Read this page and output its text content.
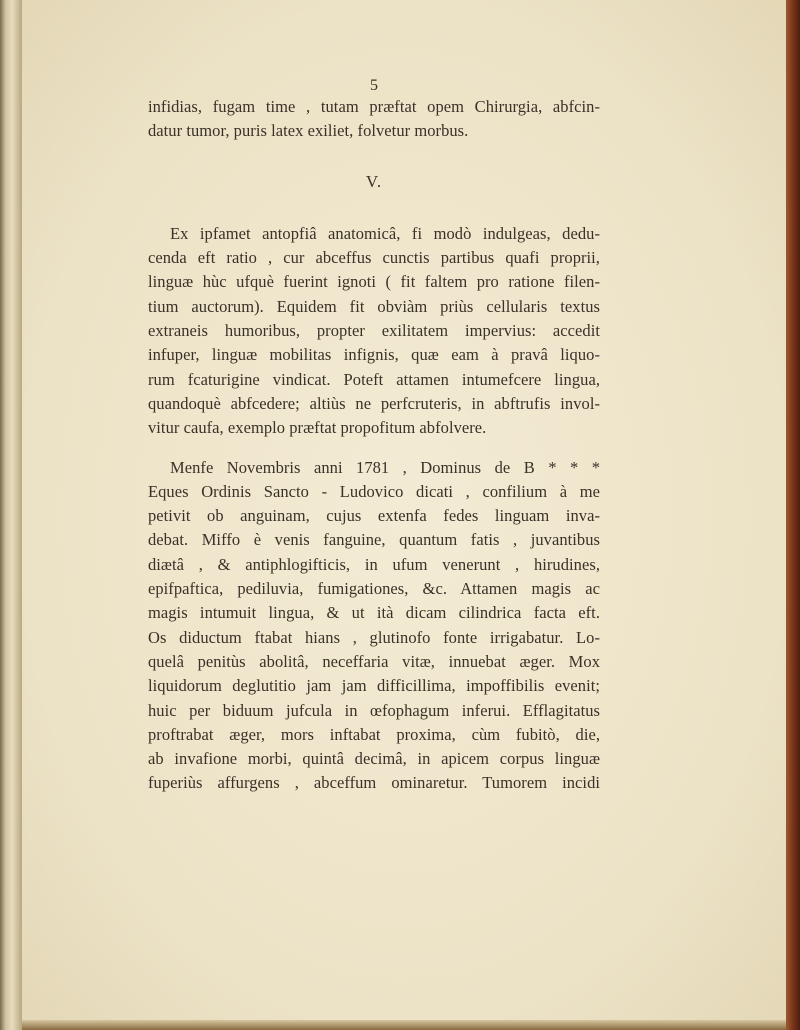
5
infidias, fugam time , tutam præftat opem Chirurgia, abfcin-
datur tumor, puris latex exiliet, folvetur morbus.
V.
Ex ipfamet antopfiâ anatomicâ, fi modò indulgeas, dedu-
cenda eft ratio , cur abceffus cunctis partibus quafi proprii,
linguæ hùc ufquè fuerint ignoti ( fit faltem pro ratione filen-
tium auctorum). Equidem fit obviàm priùs cellularis textus
extraneis humoribus, propter exilitatem impervius: accedit
infuper, linguæ mobilitas infignis, quæ eam à pravâ liquo-
rum fcaturigine vindicat. Poteft attamen intumefcere lingua,
quandoquè abfcedere; altiùs ne perfcruteris, in abftrufis invol-
vitur caufa, exemplo præftat propofitum abfolvere.
Menfe Novembris anni 1781 , Dominus de B * * *
Eques Ordinis Sancto - Ludovico dicati , confilium à me
petivit ob anguinam, cujus extenfa fedes linguam inva-
debat. Miffo è venis fanguine, quantum fatis , juvantibus
diætâ , & antiphlogifticis, in ufum venerunt , hirudines,
epifpaftica, pediluvia, fumigationes, &c. Attamen magis ac
magis intumuit lingua, & ut ità dicam cilindrica facta eft.
Os diductum ftabat hians , glutinofo fonte irrigabatur. Lo-
quelâ penitùs abolitâ, neceffaria vitæ, innuebat æger. Mox
liquidorum deglutitio jam jam difficillima, impoffibilis evenit;
huic per biduum jufcula in œfophagum inferui. Efflagitatus
proftrabat æger, mors inftabat proxima, cùm fubitò, die,
ab invafione morbi, quintâ decimâ, in apicem corpus linguæ
fuperiùs affurgens , abceffum ominaretur. Tumorem incidi
